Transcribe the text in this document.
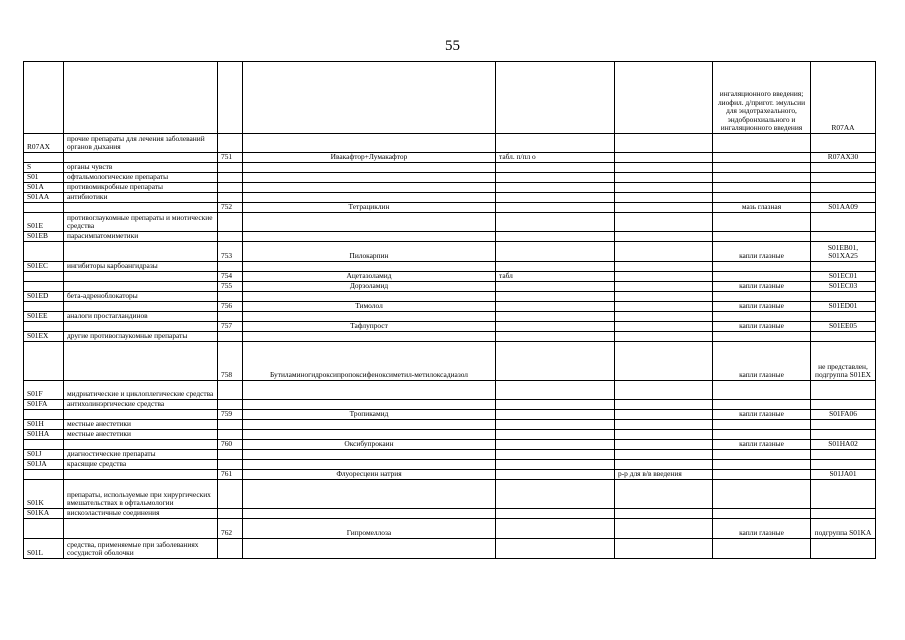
55
						ингаляционного введения; лиофил. д/пригот. эмульсии для эндотрахеального, эндобронхиального и ингаляционного введения	R07AA
R07AX	прочие препараты для лечения заболеваний органов дыхания						
		751	Ивакафтор+Лумакафтор	табл. п/пл о			R07AX30
S	органы чувств						
S01	офтальмологические препараты						
S01A	противомикробные препараты						
S01AA	антибиотики						
		752	Тетрациклин			мазь глазная	S01AA09
S01E	противоглаукомные препараты и миотические средства						
S01EB	парасимпатомиметики						
		753	Пилокарпин			капли глазные	S01EB01, S01XA25
S01EC	ингибиторы карбоангидразы						
		754	Ацетазоламид	табл			S01EC01
		755	Дорзоламид			капли глазные	S01EC03
S01ED	бета-адреноблокаторы						
		756	Тимолол			капли глазные	S01ED01
S01EE	аналоги простагландинов						
		757	Тафлупрост			капли глазные	S01EE05
S01EX	другие противоглаукомные препараты						
		758	Бутиламиногидроксипропоксифеноксиметил-метилоксадиазол			капли глазные	не представлен, подгруппа S01EX
S01F	мидриатические и циклоплегические средства						
S01FA	антихолинэргические средства						
		759	Тропикамид			капли глазные	S01FA06
S01H	местные анестетики						
S01HA	местные анестетики						
		760	Оксибупрокаин			капли глазные	S01HA02
S01J	диагностические препараты						
S01JA	красящие средства						
		761	Флуоресцеин натрия		р-р для в/в введения		S01JA01
S01K	препараты, используемые при хирургических вмешательствах в офтальмологии						
S01KA	вискоэластичные соединения						
		762	Гипромеллоза			капли глазные	подгруппа S01KA
S01L	средства, применяемые при заболеваниях сосудистой оболочки						
